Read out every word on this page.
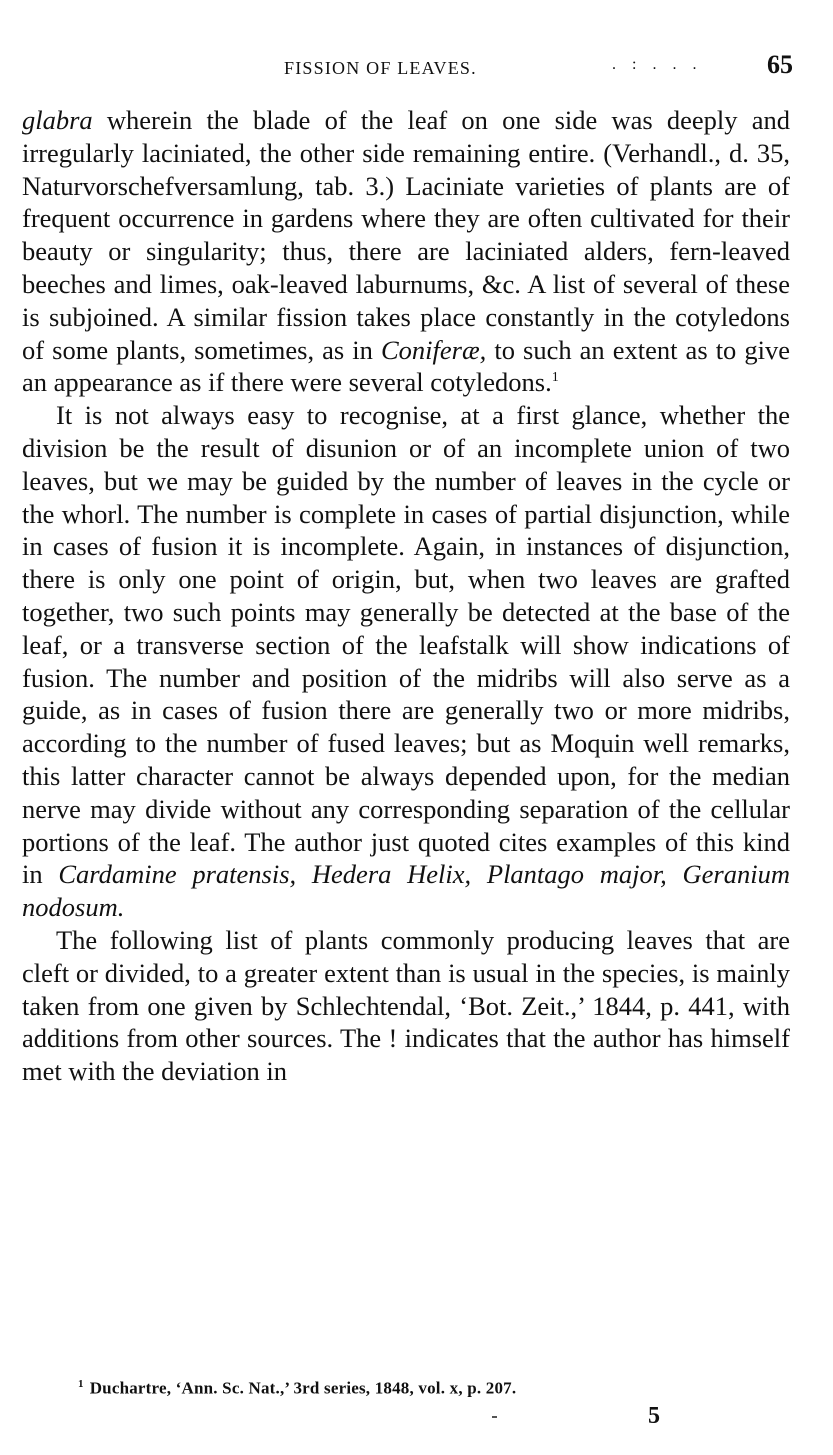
FISSION OF LEAVES.	. : . . . 65

glabra wherein the blade of the leaf on one side was deeply and irregularly laciniated, the other side remaining entire. (Verhandl., d. 35, Naturvorschefversamlung, tab. 3.) Laciniate varieties of plants are of frequent occurrence in gardens where they are often cultivated for their beauty or singularity; thus, there are laciniated alders, fern-leaved beeches and limes, oak-leaved laburnums, &c. A list of several of these is subjoined. A similar fission takes place constantly in the cotyledons of some plants, sometimes, as in Coniferæ, to such an extent as to give an appearance as if there were several cotyledons.$^1$

It is not always easy to recognise, at a first glance, whether the division be the result of disunion or of an incomplete union of two leaves, but we may be guided by the number of leaves in the cycle or the whorl. The number is complete in cases of partial disjunction, while in cases of fusion it is incomplete. Again, in instances of disjunction, there is only one point of origin, but, when two leaves are grafted together, two such points may generally be detected at the base of the leaf, or a transverse section of the leafstalk will show indications of fusion. The number and position of the midribs will also serve as a guide, as in cases of fusion there are generally two or more midribs, according to the number of fused leaves; but as Moquin well remarks, this latter character cannot be always depended upon, for the median nerve may divide without any corresponding separation of the cellular portions of the leaf. The author just quoted cites examples of this kind in Cardamine pratensis, Hedera Helix, Plantago major, Geranium nodosum.

The following list of plants commonly producing leaves that are cleft or divided, to a greater extent than is usual in the species, is mainly taken from one given by Schlechtendal, ‘Bot. Zeit.,’ 1844, p. 441, with additions from other sources. The ! indicates that the author has himself met with the deviation in

$^1$ Duchartre, ‘Ann. Sc. Nat.,’ 3rd series, 1848, vol. x, p. 207.
5
